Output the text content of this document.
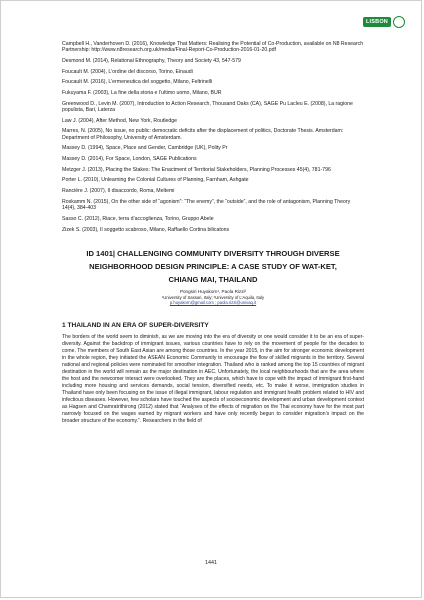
LISBON
Campbell H., Vanderhoven D. (2016), Knowledge That Matters: Realising the Potential of Co-Production, available on N8 Research Partnership: http://www.n8research.org.uk/media/Final-Report-Co-Production-2016-01-20.pdf
Desmond M. (2014), Relational Ethnography, Theory and Society 43, 547-579
Foucault M. (2004), L’ordine del discorso, Torino, Einaudi
Foucault M. (2016), L’ermeneutica del soggetto, Milano, Feltrinelli
Fukuyama F. (2003), La fine della storia e l’ultimo uomo, Milano, BUR
Greenwood D., Levin M. (2007), Introduction to Action Research, Thousand Oaks (CA), SAGE Pu Lacleu E. (2008), La ragione populista, Bari, Laterza
Law J. (2004), After Method, New York, Routledge
Marres, N. (2005), No issue, no public: democratic deficits after the displacement of politics, Doctorate Thesis. Amsterdam: Department of Philosophy, University of Amsterdam.
Massey D. (1994), Space, Place and Gender, Cambridge (UK), Polity Pr
Massey D. (2014), For Space, London, SAGE Publications
Metzger J. (2013), Placing the Stakes: The Enactment of Territorial Stakeholders, Planning Processes 45(4), 781-796
Porter L. (2010), Unlearning the Colonial Cultures of Planning, Farnham, Ashgate
Rancière J. (2007), Il disaccordo, Roma, Meltemi
Roskamm N. (2015), On the other side of “agonism”: “The enemy”, the “outside”, and the role of antagonism, Planning Theory 14(4), 384-403
Sasso C. (2012), Riace, terra d’accoglienza, Torino, Gruppo Abele
Zizek S. (2003), Il soggetto scabroso, Milano, Raffaello Cortina bilicatons
ID 1401| CHALLENGING COMMUNITY DIVERSITY THROUGH DIVERSE
NEIGHBORHOOD DESIGN PRINCIPLE: A CASE STUDY OF WAT-KET,
CHIANG MAI, THAILAND
Pongsiri Huyakorn¹, Paola Rizzi²
¹University of Sassari, Italy; ²University of L’Aquila, Italy
p.huyakorn@gmail.com ; paola.rizzi@univaq.it
1 THAILAND IN AN ERA OF SUPER-DIVERSITY
The borders of the world seem to diminish, as we are moving into the era of diversity or one would consider it to be an era of super-diversity. Against the backdrop of immigrant issues, various countries have to rely on the movement of people for the decades to come. The members of South East Asian are among those countries. In the year 2015, in the aim for stronger economic development in the whole region, they initiated the ASEAN Economic Community to encourage the flow of skilled migrants in the territory. Several national and regional policies were nominated for smoother integration. Thailand who is ranked among the top 15 countries of migrant destination in the world will remain as the major destination in AEC. Unfortunately, the local neighbourhoods that are the area where the host and the newcomer interact were overlooked. They are the places, which have to cope with the impact of immigrant first-hand including more housing and services demands, social tension, diversified needs, etc. To make it worse, immigration studies in Thailand have only been focusing on the issue of illegal immigrant, labour regulation and immigrant health problem related to HIV and infectious diseases. However, few scholars have touched the aspects of socioeconomic development and urban development context as Hagsen and Chamratrithirong (2012) stated that “Analyses of the effects of migration on the Thai economy have for the most part narrowly focused on the wages earned by migrant workers and have only recently begun to consider migration’s impact on the broader structure of the economy.”. Researchers in the field of
1441
